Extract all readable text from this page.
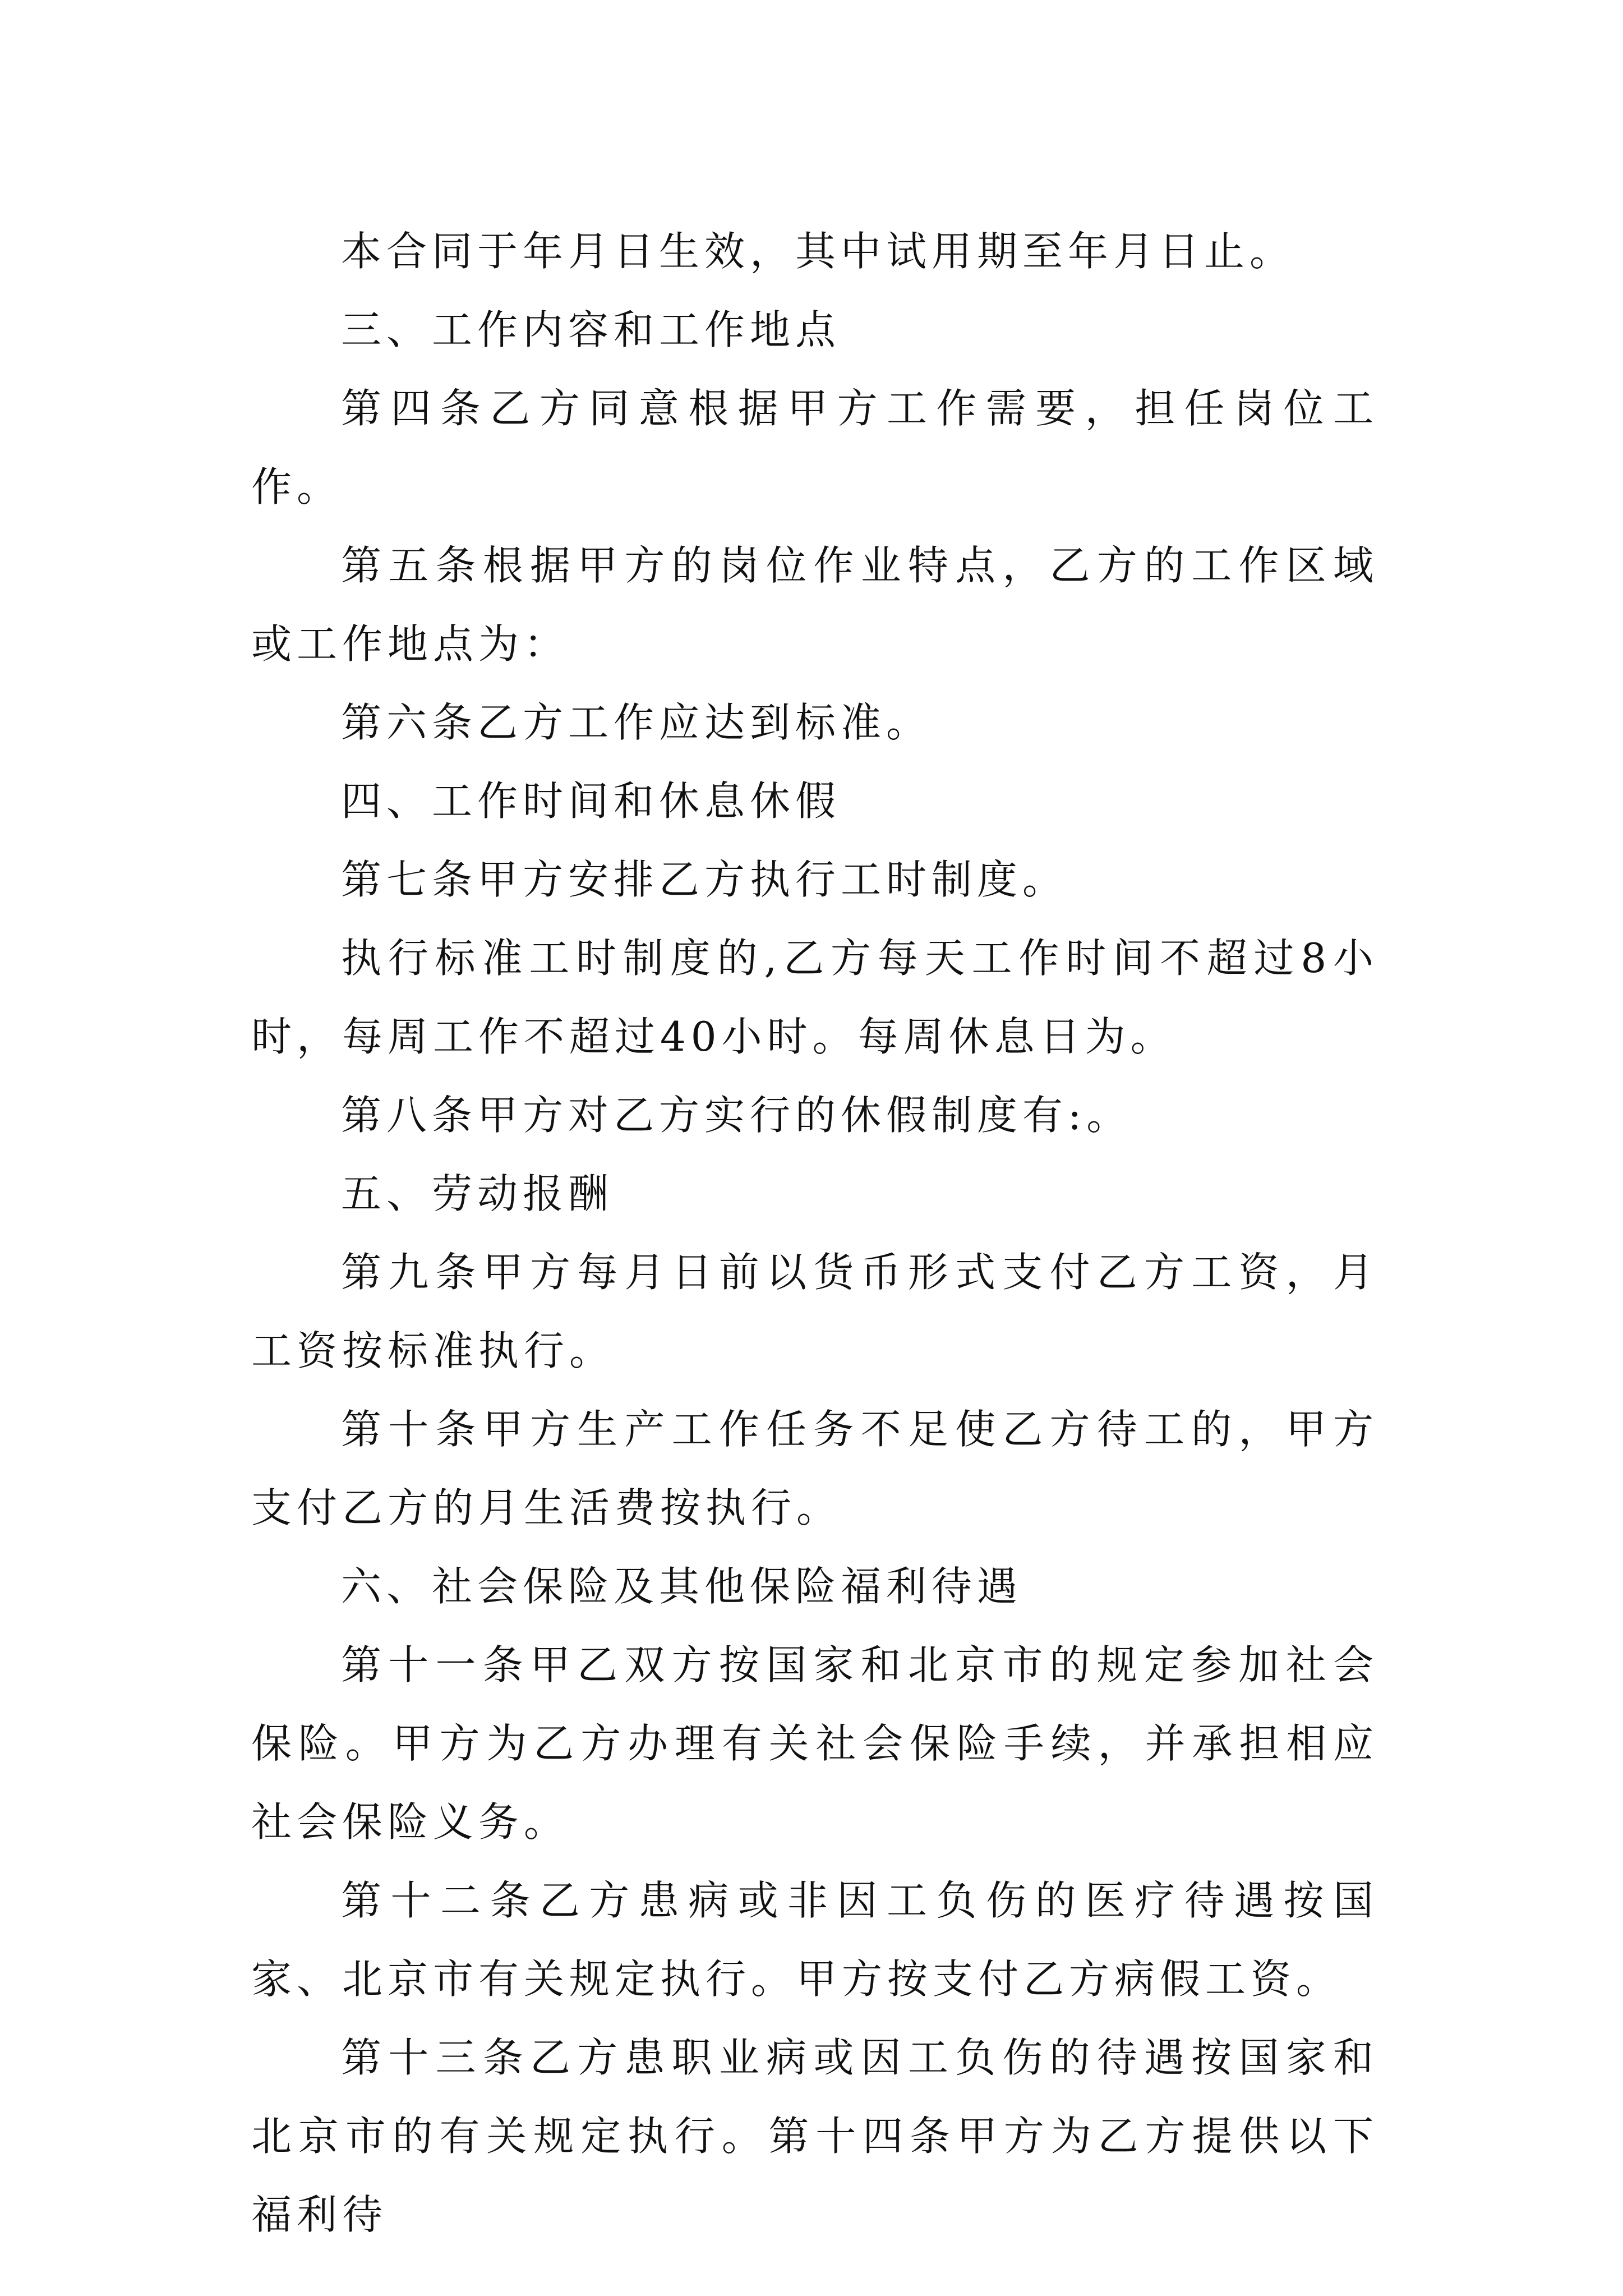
本合同于年月日生效，其中试用期至年月日止。

三、工作内容和工作地点

第四条乙方同意根据甲方工作需要，担任岗位工作。

第五条根据甲方的岗位作业特点，乙方的工作区域或工作地点为：

第六条乙方工作应达到标准。

四、工作时间和休息休假

第七条甲方安排乙方执行工时制度。

执行标准工时制度的,乙方每天工作时间不超过8小时，每周工作不超过40小时。每周休息日为。

第八条甲方对乙方实行的休假制度有:。

五、劳动报酬

第九条甲方每月日前以货币形式支付乙方工资，月工资按标准执行。

第十条甲方生产工作任务不足使乙方待工的，甲方支付乙方的月生活费按执行。

六、社会保险及其他保险福利待遇

第十一条甲乙双方按国家和北京市的规定参加社会保险。甲方为乙方办理有关社会保险手续，并承担相应社会保险义务。

第十二条乙方患病或非因工负伤的医疗待遇按国家、北京市有关规定执行。甲方按支付乙方病假工资。

第十三条乙方患职业病或因工负伤的待遇按国家和北京市的有关规定执行。第十四条甲方为乙方提供以下福利待
